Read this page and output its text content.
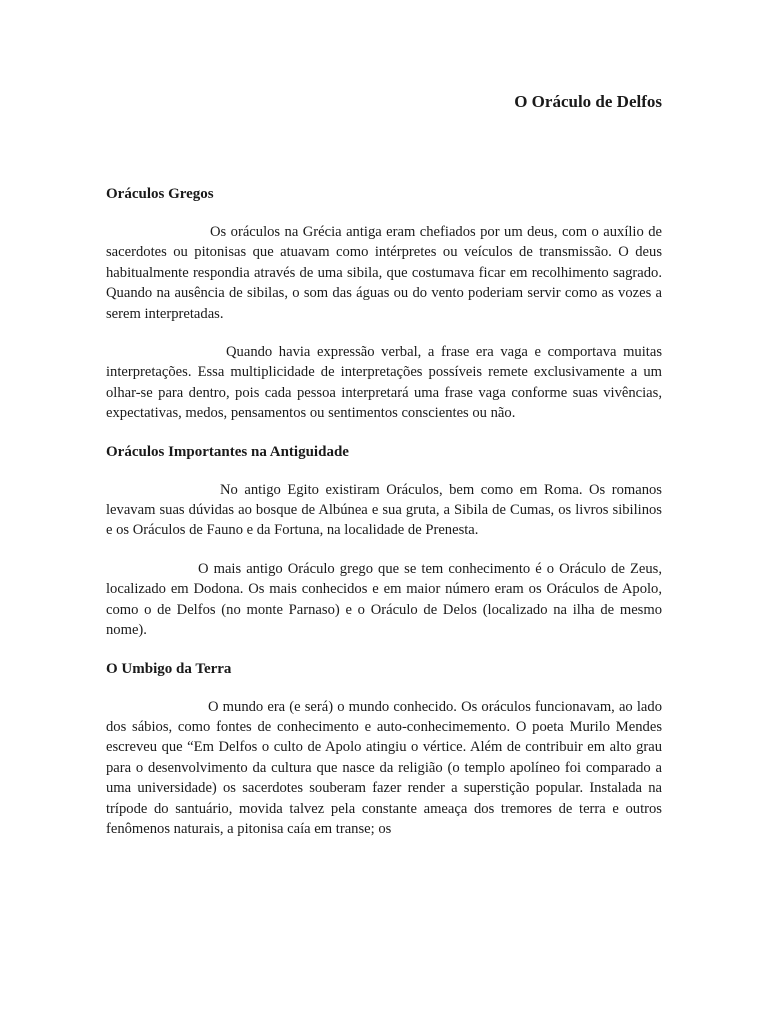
O Oráculo de Delfos
Oráculos Gregos

Os oráculos na Grécia antiga eram chefiados por um deus, com o auxílio de sacerdotes ou pitonisas que atuavam como intérpretes ou veículos de transmissão. O deus habitualmente respondia através de uma sibila, que costumava ficar em recolhimento sagrado. Quando na ausência de sibilas, o som das águas ou do vento poderiam servir como as vozes a serem interpretadas.

Quando havia expressão verbal, a frase era vaga e comportava muitas interpretações. Essa multiplicidade de interpretações possíveis remete exclusivamente a um olhar-se para dentro, pois cada pessoa interpretará uma frase vaga conforme suas vivências, expectativas, medos, pensamentos ou sentimentos conscientes ou não.

Oráculos Importantes na Antiguidade

No antigo Egito existiram Oráculos, bem como em Roma. Os romanos levavam suas dúvidas ao bosque de Albúnea e sua gruta, a Sibila de Cumas, os livros sibilinos e os Oráculos de Fauno e da Fortuna, na localidade de Prenesta.

O mais antigo Oráculo grego que se tem conhecimento é o Oráculo de Zeus, localizado em Dodona. Os mais conhecidos e em maior número eram os Oráculos de Apolo, como o de Delfos (no monte Parnaso) e o Oráculo de Delos (localizado na ilha de mesmo nome).

O Umbigo da Terra

O mundo era (e será) o mundo conhecido. Os oráculos funcionavam, ao lado dos sábios, como fontes de conhecimento e auto-conhecimemento. O poeta Murilo Mendes escreveu que “Em Delfos o culto de Apolo atingiu o vértice. Além de contribuir em alto grau para o desenvolvimento da cultura que nasce da religião (o templo apolíneo foi comparado a uma universidade) os sacerdotes souberam fazer render a superstição popular. Instalada na trípode do santuário, movida talvez pela constante ameaça dos tremores de terra e outros fenômenos naturais, a pitonisa caía em transe; os
